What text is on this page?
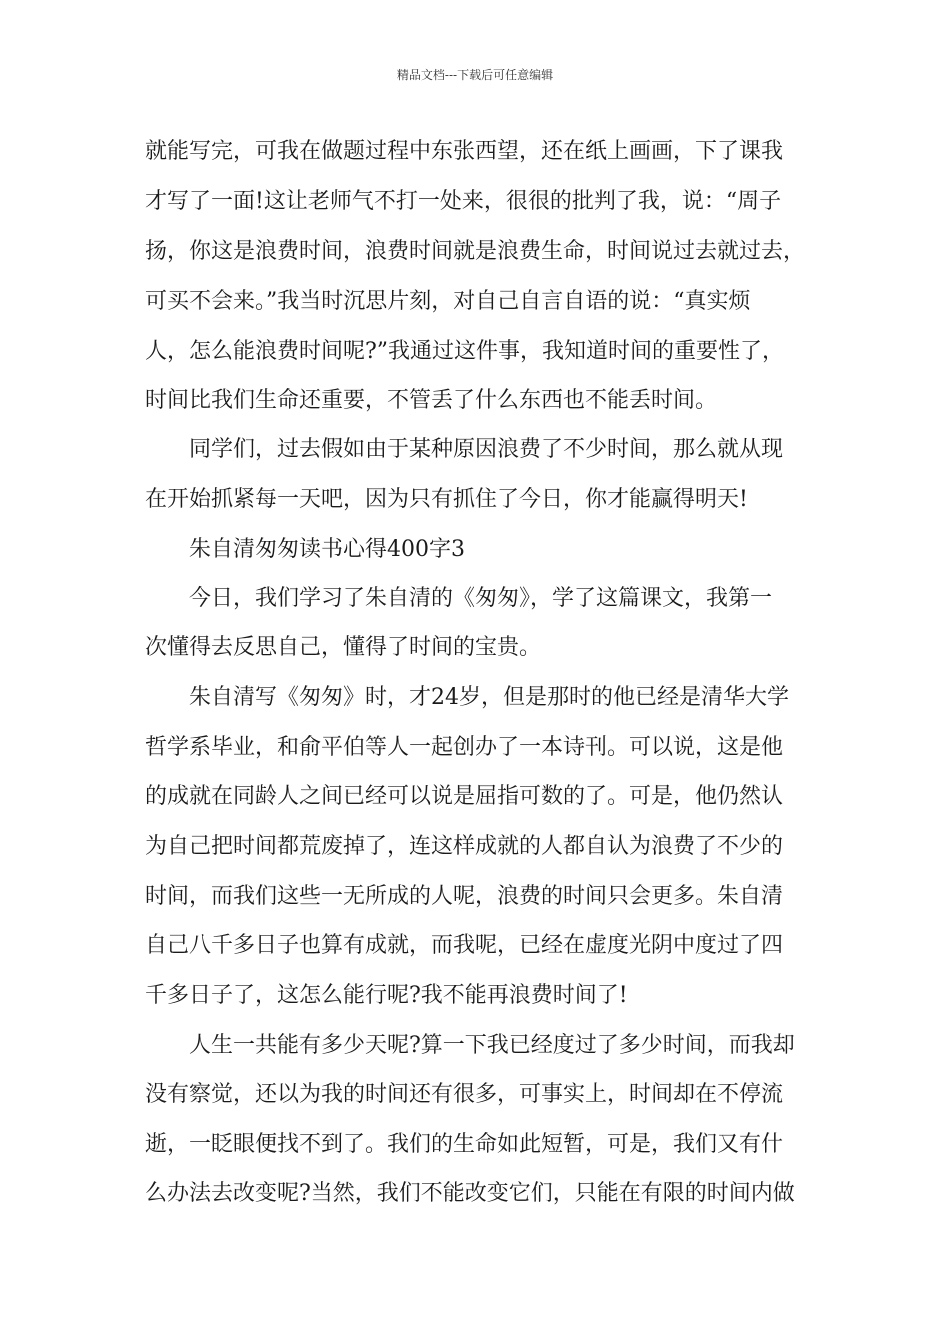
精品文档---下载后可任意编辑
就能写完，可我在做题过程中东张西望，还在纸上画画，下了课我
才写了一面!这让老师气不打一处来，很很的批判了我，说：“周子
扬，你这是浪费时间，浪费时间就是浪费生命，时间说过去就过去，
可买不会来。”我当时沉思片刻，对自己自言自语的说：“真实烦
人，怎么能浪费时间呢?”我通过这件事，我知道时间的重要性了，
时间比我们生命还重要，不管丢了什么东西也不能丢时间。
　　同学们，过去假如由于某种原因浪费了不少时间，那么就从现
在开始抓紧每一天吧，因为只有抓住了今日，你才能赢得明天!
　　朱自清匆匆读书心得400字3
　　今日，我们学习了朱自清的《匆匆》，学了这篇课文，我第一
次懂得去反思自己，懂得了时间的宝贵。
　　朱自清写《匆匆》时，才24岁，但是那时的他已经是清华大学
哲学系毕业，和俞平伯等人一起创办了一本诗刊。可以说，这是他
的成就在同龄人之间已经可以说是屈指可数的了。可是，他仍然认
为自己把时间都荒废掉了，连这样成就的人都自认为浪费了不少的
时间，而我们这些一无所成的人呢，浪费的时间只会更多。朱自清
自己八千多日子也算有成就，而我呢，已经在虚度光阴中度过了四
千多日子了，这怎么能行呢?我不能再浪费时间了!
　　人生一共能有多少天呢?算一下我已经度过了多少时间，而我却
没有察觉，还以为我的时间还有很多，可事实上，时间却在不停流
逝，一眨眼便找不到了。我们的生命如此短暂，可是，我们又有什
么办法去改变呢?当然，我们不能改变它们，只能在有限的时间内做
